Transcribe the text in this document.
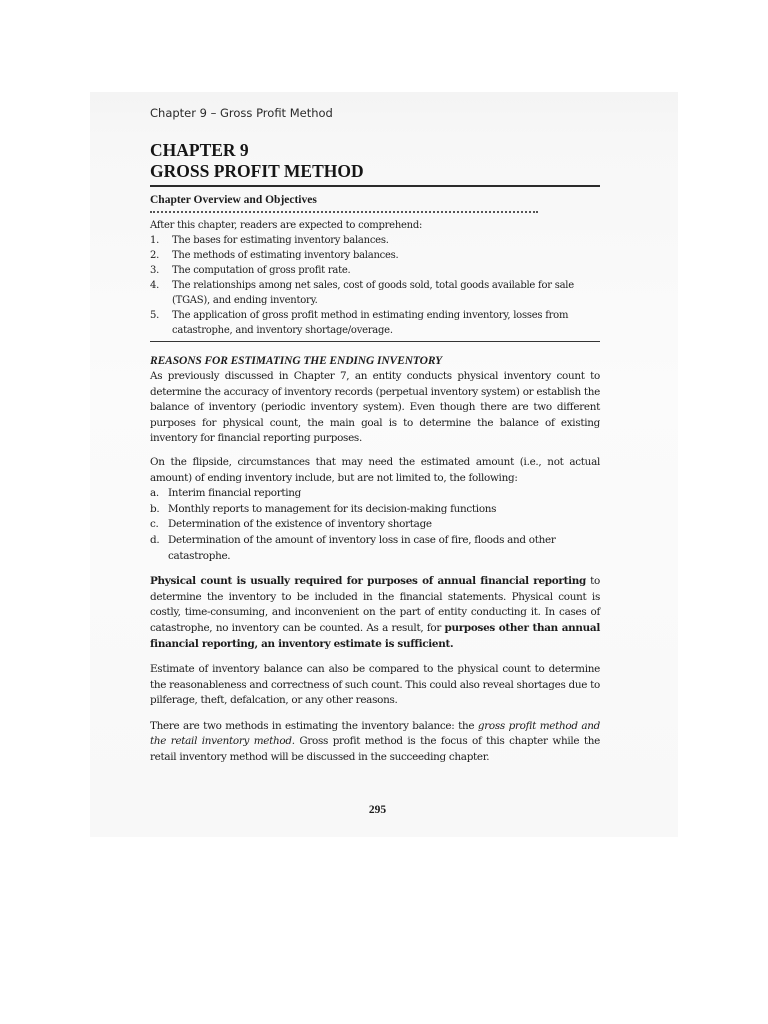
Chapter 9 – Gross Profit Method
CHAPTER 9
GROSS PROFIT METHOD
Chapter Overview and Objectives
After this chapter, readers are expected to comprehend:
1.	The bases for estimating inventory balances.
2.	The methods of estimating inventory balances.
3.	The computation of gross profit rate.
4.	The relationships among net sales, cost of goods sold, total goods available for sale (TGAS), and ending inventory.
5.	The application of gross profit method in estimating ending inventory, losses from catastrophe, and inventory shortage/overage.
REASONS FOR ESTIMATING THE ENDING INVENTORY

As previously discussed in Chapter 7, an entity conducts physical inventory count to determine the accuracy of inventory records (perpetual inventory system) or establish the balance of inventory (periodic inventory system). Even though there are two different purposes for physical count, the main goal is to determine the balance of existing inventory for financial reporting purposes.

On the flipside, circumstances that may need the estimated amount (i.e., not actual amount) of ending inventory include, but are not limited to, the following:

a. Interim financial reporting
b. Monthly reports to management for its decision-making functions
c. Determination of the existence of inventory shortage
d. Determination of the amount of inventory loss in case of fire, floods and other catastrophe.

Physical count is usually required for purposes of annual financial reporting to determine the inventory to be included in the financial statements. Physical count is costly, time-consuming, and inconvenient on the part of entity conducting it. In cases of catastrophe, no inventory can be counted. As a result, for purposes other than annual financial reporting, an inventory estimate is sufficient.

Estimate of inventory balance can also be compared to the physical count to determine the reasonableness and correctness of such count. This could also reveal shortages due to pilferage, theft, defalcation, or any other reasons.

There are two methods in estimating the inventory balance: the gross profit method and the retail inventory method. Gross profit method is the focus of this chapter while the retail inventory method will be discussed in the succeeding chapter.

295
